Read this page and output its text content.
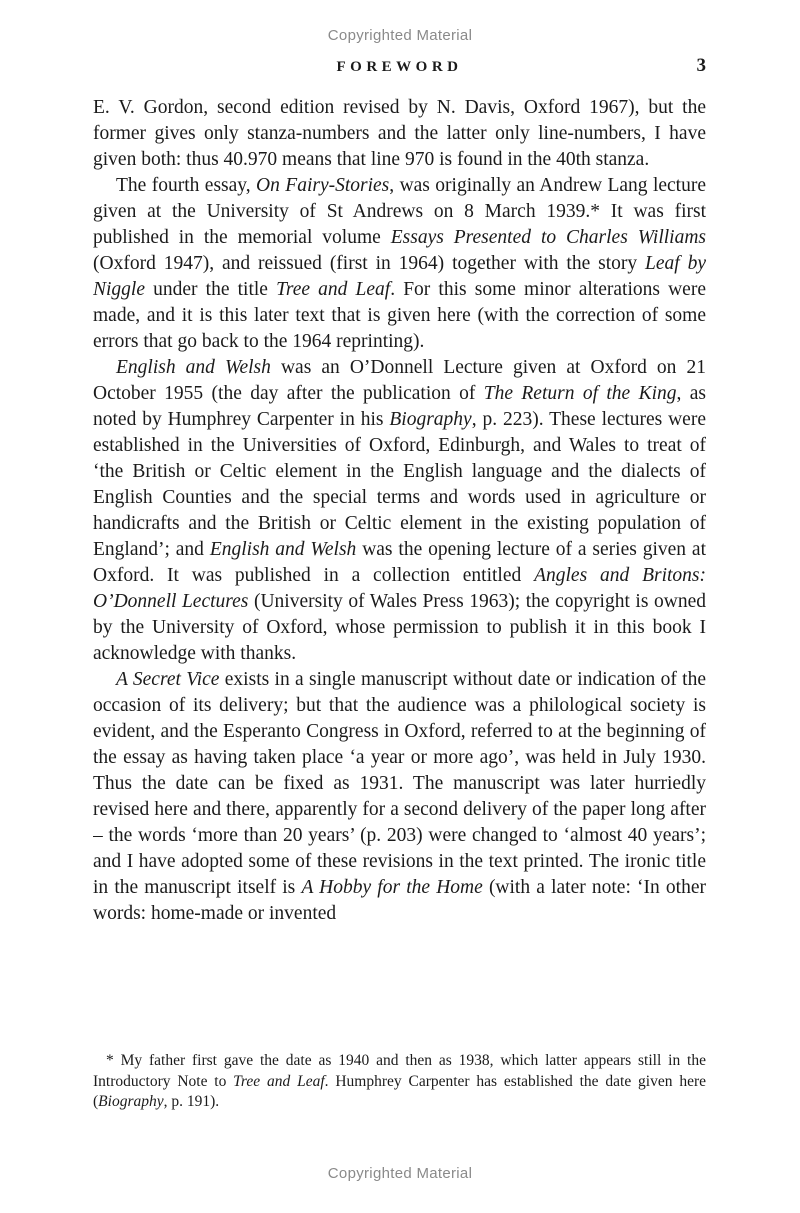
Copyrighted Material
FOREWORD	3

E. V. Gordon, second edition revised by N. Davis, Oxford 1967), but the former gives only stanza-numbers and the latter only line-numbers, I have given both: thus 40.970 means that line 970 is found in the 40th stanza.

The fourth essay, On Fairy-Stories, was originally an Andrew Lang lecture given at the University of St Andrews on 8 March 1939.* It was first published in the memorial volume Essays Presented to Charles Williams (Oxford 1947), and reissued (first in 1964) together with the story Leaf by Niggle under the title Tree and Leaf. For this some minor alterations were made, and it is this later text that is given here (with the correction of some errors that go back to the 1964 reprinting).

English and Welsh was an O’Donnell Lecture given at Oxford on 21 October 1955 (the day after the publication of The Return of the King, as noted by Humphrey Carpenter in his Biography, p. 223). These lectures were established in the Universities of Oxford, Edinburgh, and Wales to treat of ‘the British or Celtic element in the English language and the dialects of English Counties and the special terms and words used in agriculture or handicrafts and the British or Celtic element in the existing population of England’; and English and Welsh was the opening lecture of a series given at Oxford. It was published in a collection entitled Angles and Britons: O’Donnell Lectures (University of Wales Press 1963); the copyright is owned by the University of Oxford, whose permission to publish it in this book I acknowledge with thanks.

A Secret Vice exists in a single manuscript without date or indication of the occasion of its delivery; but that the audience was a philological society is evident, and the Esperanto Congress in Oxford, referred to at the beginning of the essay as having taken place ‘a year or more ago’, was held in July 1930. Thus the date can be fixed as 1931. The manuscript was later hurriedly revised here and there, apparently for a second delivery of the paper long after – the words ‘more than 20 years’ (p. 203) were changed to ‘almost 40 years’; and I have adopted some of these revisions in the text printed. The ironic title in the manuscript itself is A Hobby for the Home (with a later note: ‘In other words: home-made or invented

* My father first gave the date as 1940 and then as 1938, which latter appears still in the Introductory Note to Tree and Leaf. Humphrey Carpenter has established the date given here (Biography, p. 191).
Copyrighted Material
